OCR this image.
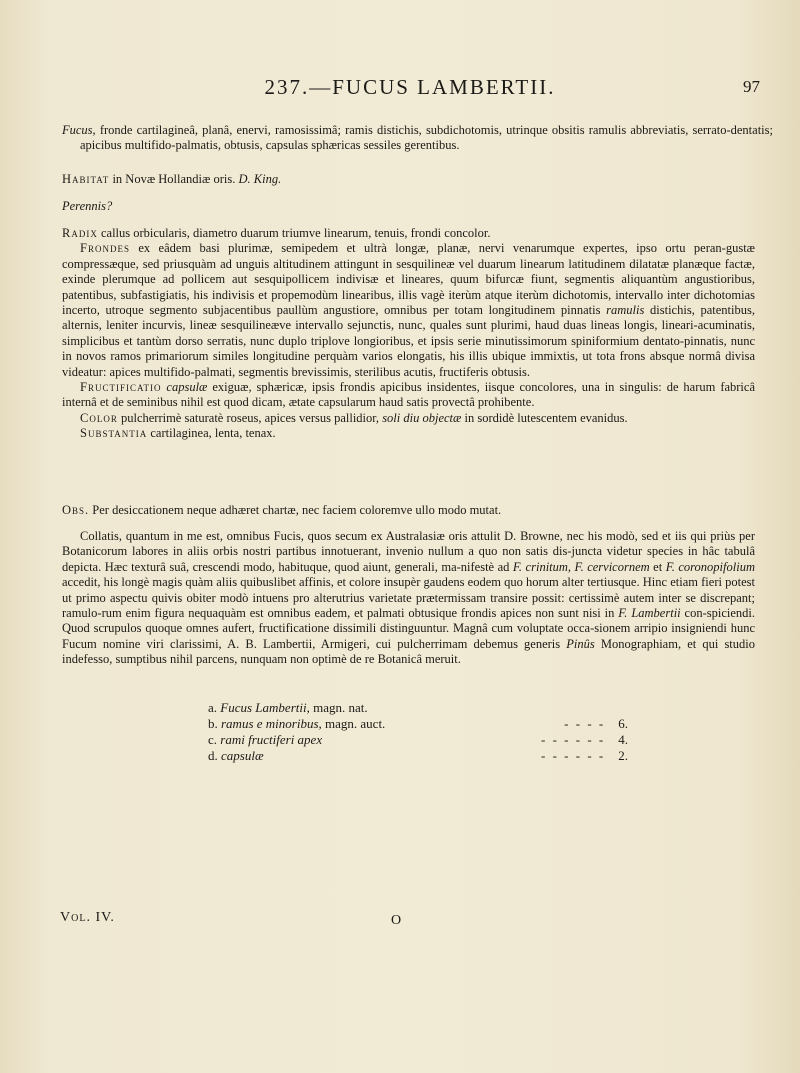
237.—FUCUS LAMBERTII.	97

Fucus, fronde cartilagineâ, planâ, enervi, ramosissimâ; ramis distichis, subdichotomis, utrinque obsitis ramulis abbreviatis, serrato-dentatis; apicibus multifido-palmatis, obtusis, capsulas sphæricas sessiles gerentibus.

Habitat in Novæ Hollandiæ oris. D. King.

Perennis?

Radix callus orbicularis, diametro duarum triumve linearum, tenuis, frondi concolor.

Frondes ex eâdem basi plurimæ, semipedem et ultrà longæ, planæ, nervi venarumque expertes, ipso ortu peran-gustæ compressæque, sed priusquàm ad unguis altitudinem attingunt in sesquilineæ vel duarum linearum latitudinem dilatatæ planæque factæ, exinde plerumque ad pollicem aut sesquipollicem indivisæ et lineares, quum bifurcæ fiunt, segmentis aliquantùm angustioribus, patentibus, subfastigiatis, his indivisis et propemodùm linearibus, illis vagè iterùm atque iterùm dichotomis, intervallo inter dichotomias incerto, utroque segmento subjacentibus paullùm angustiore, omnibus per totam longitudinem pinnatis ramulis distichis, patentibus, alternis, leniter incurvis, lineæ sesquilineæve intervallo sejunctis, nunc, quales sunt plurimi, haud duas lineas longis, lineari-acuminatis, simplicibus et tantùm dorso serratis, nunc duplo triplove longioribus, et ipsis serie minutissimorum spiniformium dentato-pinnatis, nunc in novos ramos primariorum similes longitudine perquàm varios elongatis, his illis ubique immixtis, ut tota frons absque normâ divisa videatur: apices multifido-palmati, segmentis brevissimis, sterilibus acutis, fructiferis obtusis.

Fructificatio capsulæ exiguæ, sphæricæ, ipsis frondis apicibus insidentes, iisque concolores, una in singulis: de harum fabricâ internâ et de seminibus nihil est quod dicam, ætate capsularum haud satis provectâ prohibente.

Color pulcherrimè saturatè roseus, apices versus pallidior, soli diu objectæ in sordidè lutescentem evanidus.

Substantia cartilaginea, lenta, tenax.

Obs. Per desiccationem neque adhæret chartæ, nec faciem coloremve ullo modo mutat.

Collatis, quantum in me est, omnibus Fucis, quos secum ex Australasiæ oris attulit D. Browne, nec his modò, sed et iis qui priùs per Botanicorum labores in aliis orbis nostri partibus innotuerant, invenio nullum a quo non satis dis-juncta videtur species in hâc tabulâ depicta. Hæc texturâ suâ, crescendi modo, habituque, quod aiunt, generali, ma-nifestè ad F. crinitum, F. cervicornem et F. coronopifolium accedit, his longè magis quàm aliis quibuslibet affinis, et colore insupèr gaudens eodem quo horum alter tertiusque. Hinc etiam fieri potest ut primo aspectu quivis obiter modò intuens pro alterutrius varietate prætermissam transire possit: certissimè autem inter se discrepant; ramulo-rum enim figura nequaquàm est omnibus eadem, et palmati obtusique frondis apices non sunt nisi in F. Lambertii con-spiciendi. Quod scrupulos quoque omnes aufert, fructificatione dissimili distinguuntur. Magnâ cum voluptate occa-sionem arripio insigniendi hunc Fucum nomine viri clarissimi, A. B. Lambertii, Armigeri, cui pulcherrimam debemus generis Pinûs Monographiam, et qui studio indefesso, sumptibus nihil parcens, nunquam non optimè de re Botanicâ meruit.

a. Fucus Lambertii, magn. nat.
b. ramus e minoribus, magn. auct.	- - - - 6.
c. rami fructiferi apex	- - - - - - 4.
d. capsulæ	- - - - - - 2.
Vol. IV.	O
